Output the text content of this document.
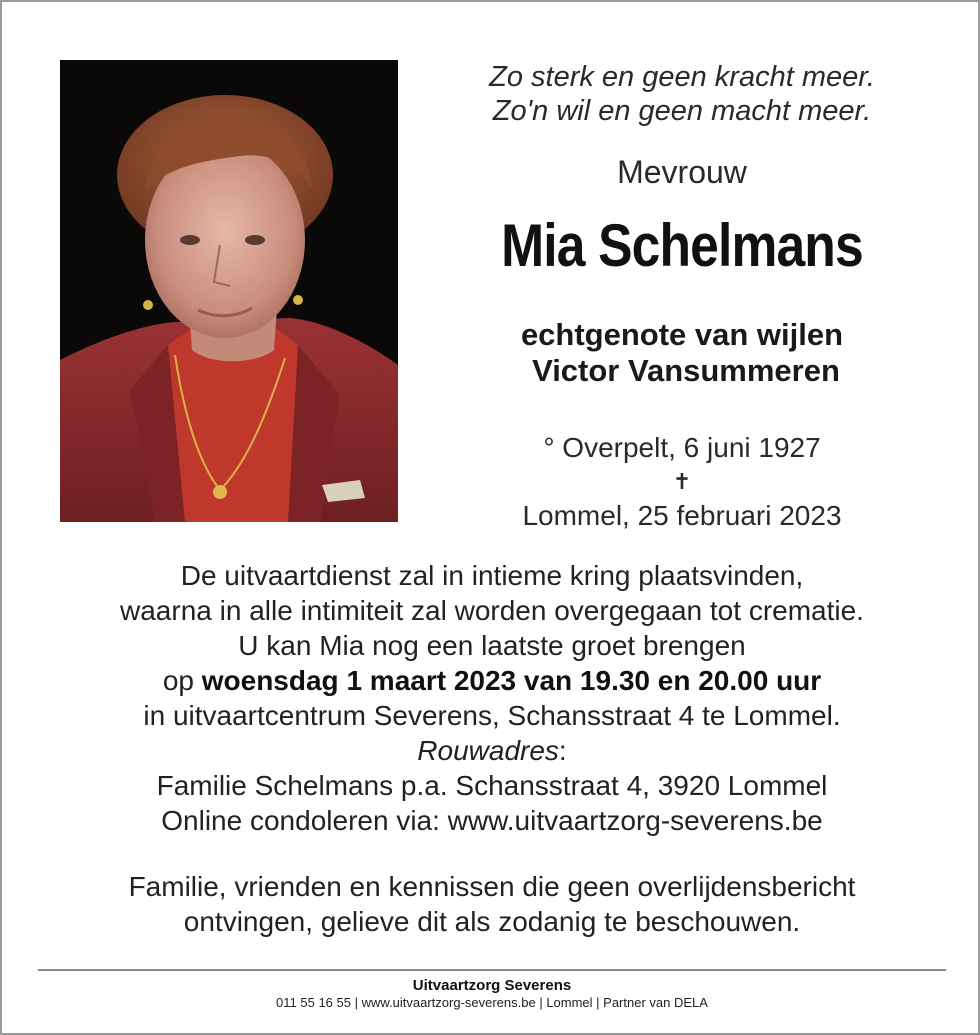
Zo sterk en geen kracht meer.
Zo'n wil en geen macht meer.
Mevrouw
Mia Schelmans
echtgenote van wijlen
Victor Vansummeren
° Overpelt, 6 juni 1927
✝
Lommel, 25 februari 2023
De uitvaartdienst zal in intieme kring plaatsvinden,
waarna in alle intimiteit zal worden overgegaan tot crematie.
U kan Mia nog een laatste groet brengen
op woensdag 1 maart 2023 van 19.30 en 20.00 uur
in uitvaartcentrum Severens, Schansstraat 4 te Lommel.
Rouwadres:
Familie Schelmans p.a. Schansstraat 4, 3920 Lommel
Online condoleren via: www.uitvaartzorg-severens.be
Familie, vrienden en kennissen die geen overlijdensbericht
ontvingen, gelieve dit als zodanig te beschouwen.
Uitvaartzorg Severens
011 55 16 55 | www.uitvaartzorg-severens.be | Lommel | Partner van DELA
